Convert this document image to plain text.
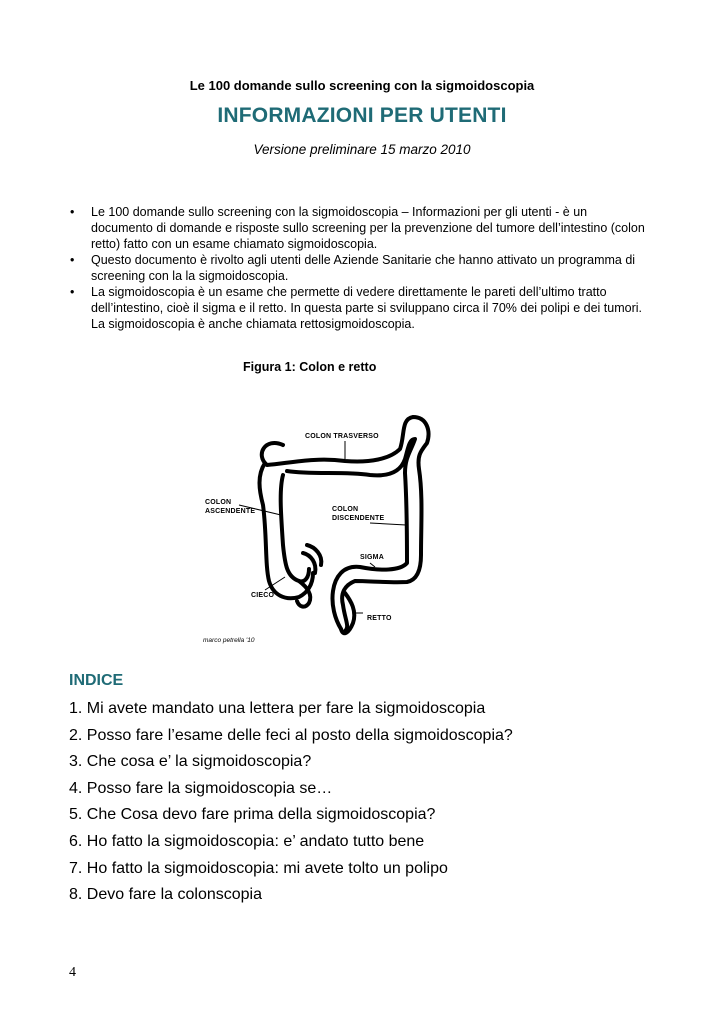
Le 100 domande sullo screening con la sigmoidoscopia
INFORMAZIONI PER UTENTI
Versione preliminare 15 marzo 2010
• Le 100 domande sullo screening con la sigmoidoscopia – Informazioni per gli utenti - è un documento di domande e risposte sullo screening per la prevenzione del tumore dell’intestino (colon retto) fatto con un esame chiamato sigmoidoscopia.
• Questo documento è rivolto agli utenti delle Aziende Sanitarie che hanno attivato un programma di screening con la la sigmoidoscopia.
• La sigmoidoscopia è un esame che permette di vedere direttamente le pareti dell’ultimo tratto dell’intestino, cioè il sigma e il retto. In questa parte si sviluppano circa il 70% dei polipi e dei tumori. La sigmoidoscopia è anche chiamata rettosigmoidoscopia.
Figura 1: Colon e retto
COLON TRASVERSO
COLON
ASCENDENTE	COLON
DISCENDENTE
SIGMA
CIECO
RETTO
marco petrella '10
INDICE
1. Mi avete mandato una lettera per fare la sigmoidoscopia
2. Posso fare l’esame delle feci al posto della sigmoidoscopia?
3. Che cosa e’ la sigmoidoscopia?
4. Posso fare la sigmoidoscopia se…
5. Che Cosa devo fare prima della sigmoidoscopia?
6. Ho fatto la sigmoidoscopia: e’ andato tutto bene
7. Ho fatto la sigmoidoscopia: mi avete tolto un polipo
8. Devo fare la colonscopia
4
